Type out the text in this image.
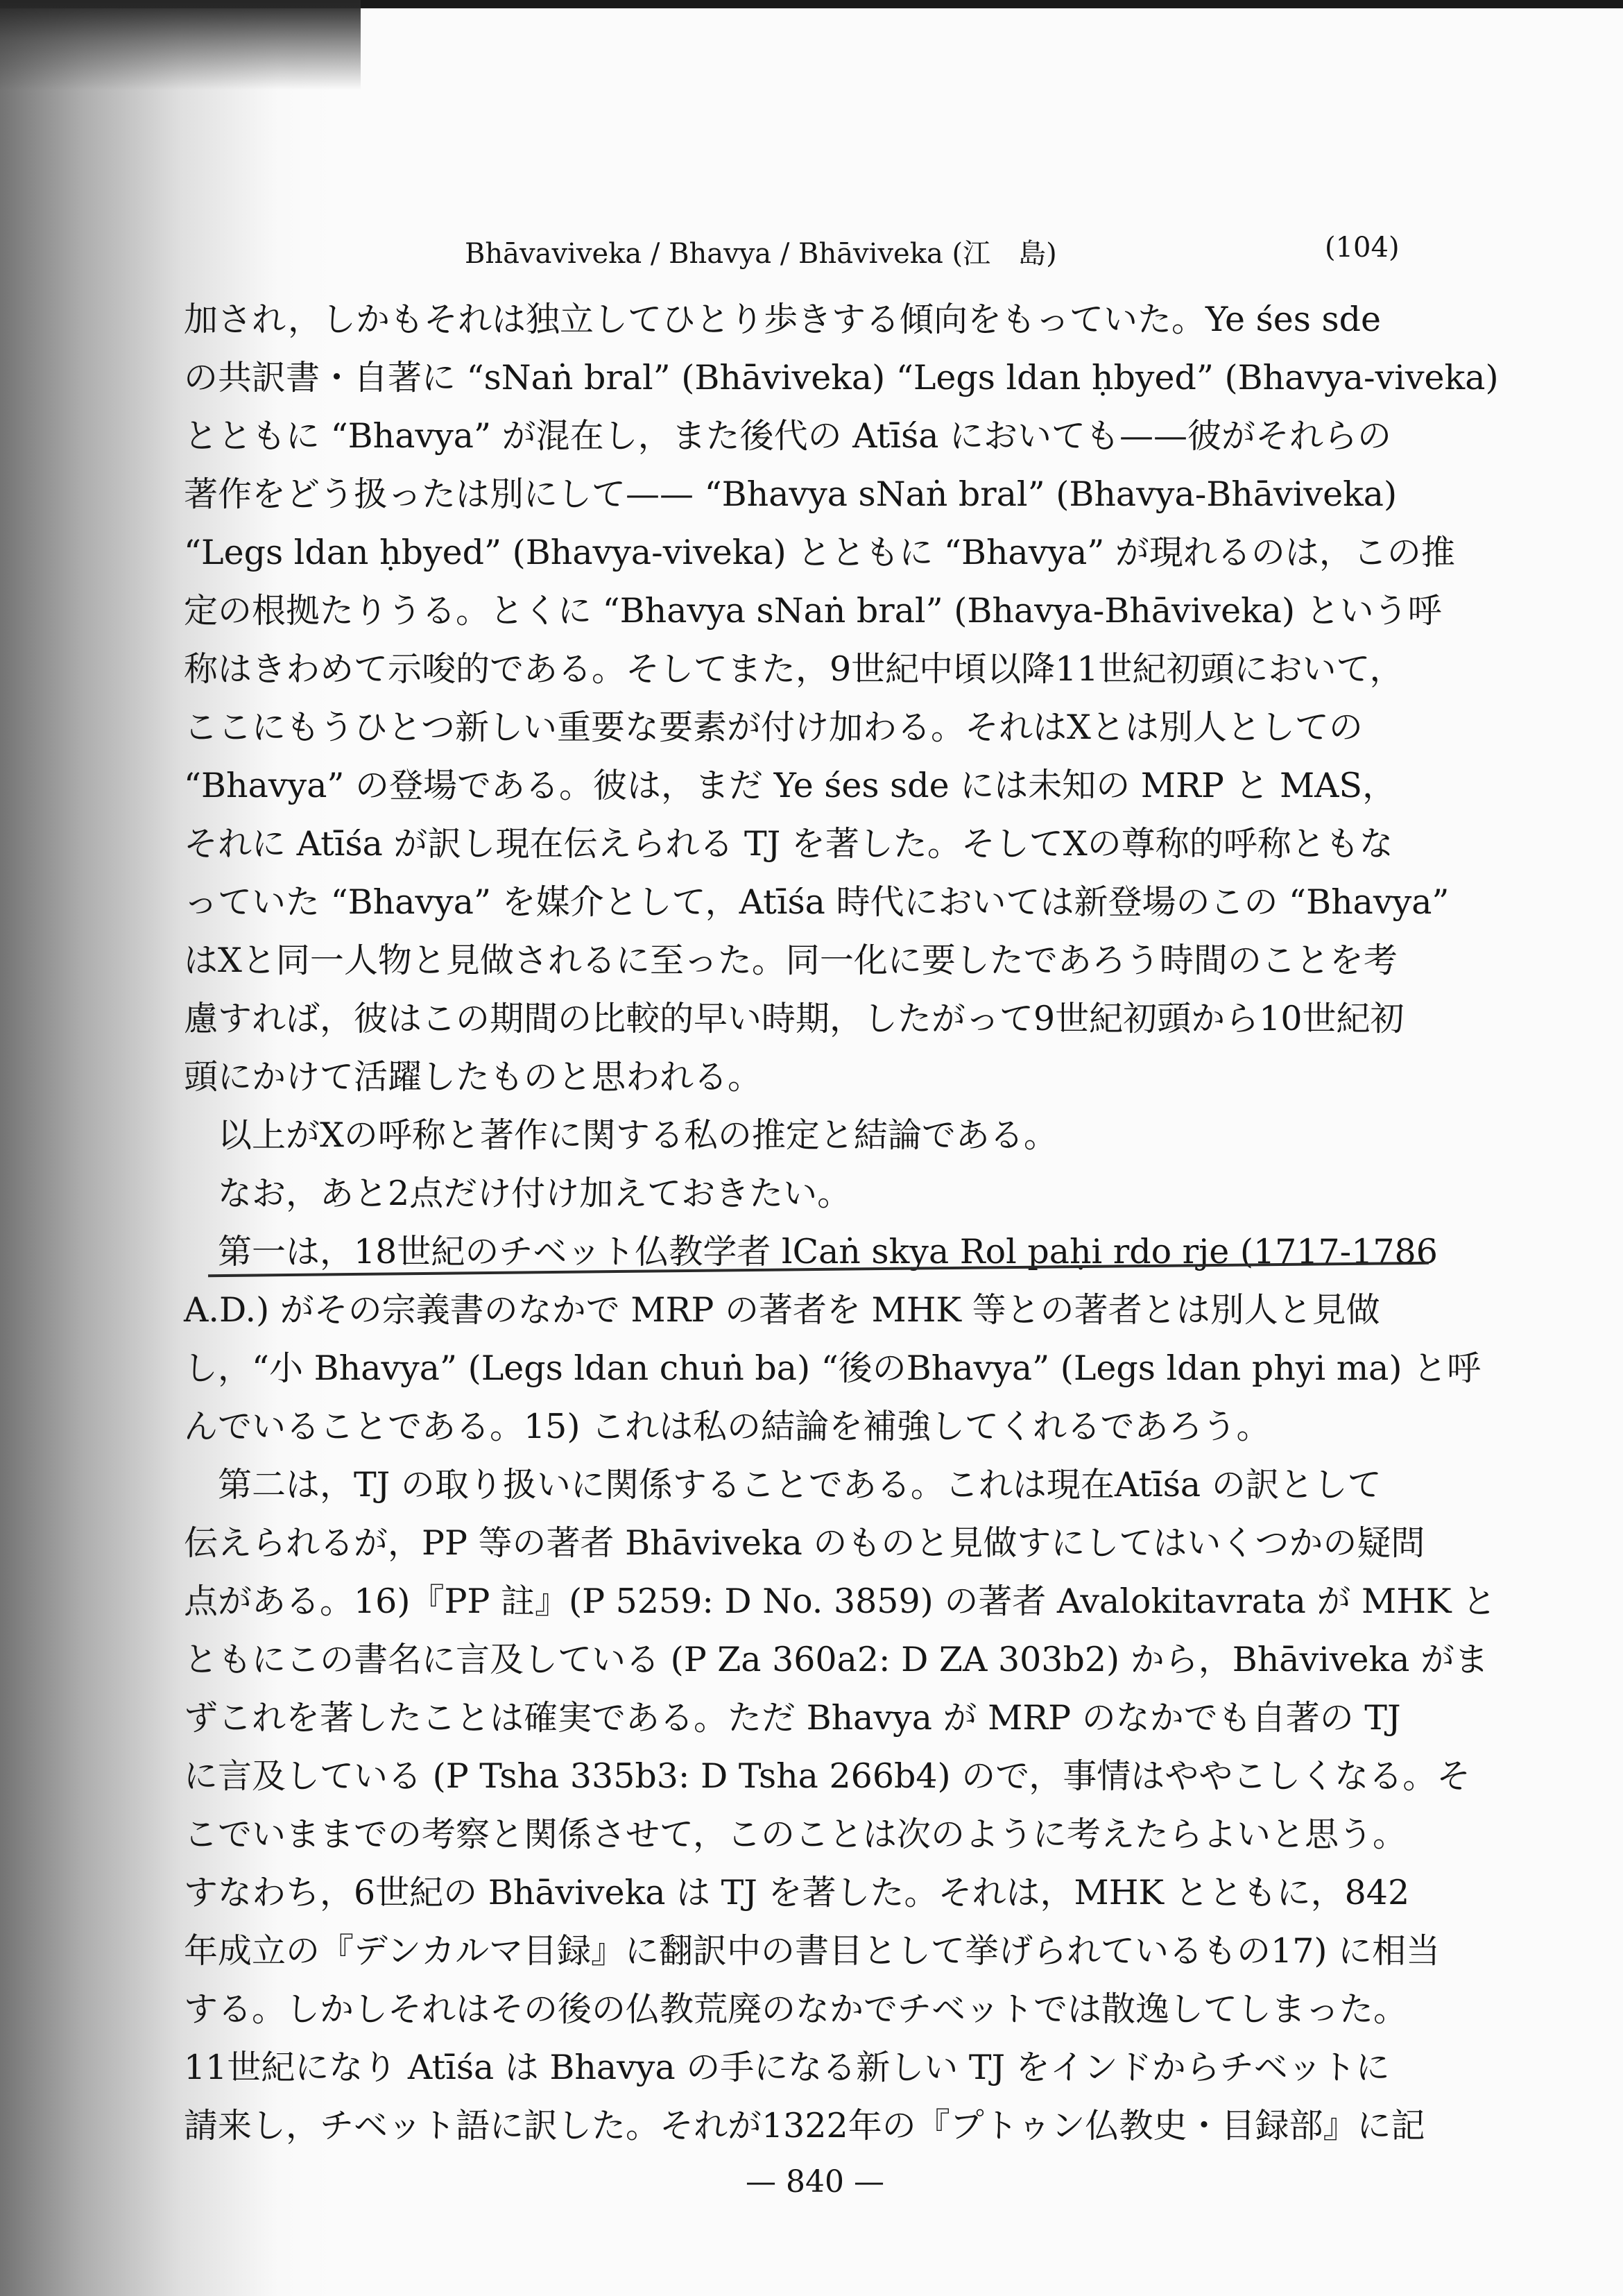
Bhāvaviveka / Bhavya / Bhāviveka (江　島)	(104)
加され，しかもそれは独立してひとり歩きする傾向をもっていた。Ye śes sde
の共訳書・自著に “sNaṅ bral” (Bhāviveka) “Legs ldan ḥbyed” (Bhavya-viveka)
とともに “Bhavya” が混在し，また後代の Atīśa においても——彼がそれらの
著作をどう扱ったは別にして—— “Bhavya sNaṅ bral” (Bhavya-Bhāviveka)
“Legs ldan ḥbyed” (Bhavya-viveka) とともに “Bhavya” が現れるのは，この推
定の根拠たりうる。とくに “Bhavya sNaṅ bral” (Bhavya-Bhāviveka) という呼
称はきわめて示唆的である。そしてまた，9世紀中頃以降11世紀初頭において，
ここにもうひとつ新しい重要な要素が付け加わる。それはXとは別人としての
“Bhavya” の登場である。彼は，まだ Ye śes sde には未知の MRP と MAS，
それに Atīśa が訳し現在伝えられる TJ を著した。そしてXの尊称的呼称ともな
っていた “Bhavya” を媒介として，Atīśa 時代においては新登場のこの “Bhavya”
はXと同一人物と見做されるに至った。同一化に要したであろう時間のことを考
慮すれば，彼はこの期間の比較的早い時期，したがって9世紀初頭から10世紀初
頭にかけて活躍したものと思われる。
　以上がXの呼称と著作に関する私の推定と結論である。
　なお，あと2点だけ付け加えておきたい。
　第一は，18世紀のチベット仏教学者 lCaṅ skya Rol paḥi rdo rje (1717-1786
A.D.) がその宗義書のなかで MRP の著者を MHK 等との著者とは別人と見做
し，“小 Bhavya” (Legs ldan chuṅ ba) “後のBhavya” (Legs ldan phyi ma) と呼
んでいることである。15) これは私の結論を補強してくれるであろう。
　第二は，TJ の取り扱いに関係することである。これは現在Atīśa の訳として
伝えられるが，PP 等の著者 Bhāviveka のものと見做すにしてはいくつかの疑問
点がある。16)『PP 註』(P 5259: D No. 3859) の著者 Avalokitavrata が MHK と
ともにこの書名に言及している (P Za 360a2: D ZA 303b2) から，Bhāviveka がま
ずこれを著したことは確実である。ただ Bhavya が MRP のなかでも自著の TJ
に言及している (P Tsha 335b3: D Tsha 266b4) ので，事情はややこしくなる。そ
こでいままでの考察と関係させて，このことは次のように考えたらよいと思う。
すなわち，6世紀の Bhāviveka は TJ を著した。それは，MHK とともに，842
年成立の『デンカルマ目録』に翻訳中の書目として挙げられているもの17) に相当
する。しかしそれはその後の仏教荒廃のなかでチベットでは散逸してしまった。
11世紀になり Atīśa は Bhavya の手になる新しい TJ をインドからチベットに
請来し，チベット語に訳した。それが1322年の『プトゥン仏教史・目録部』に記
— 840 —
